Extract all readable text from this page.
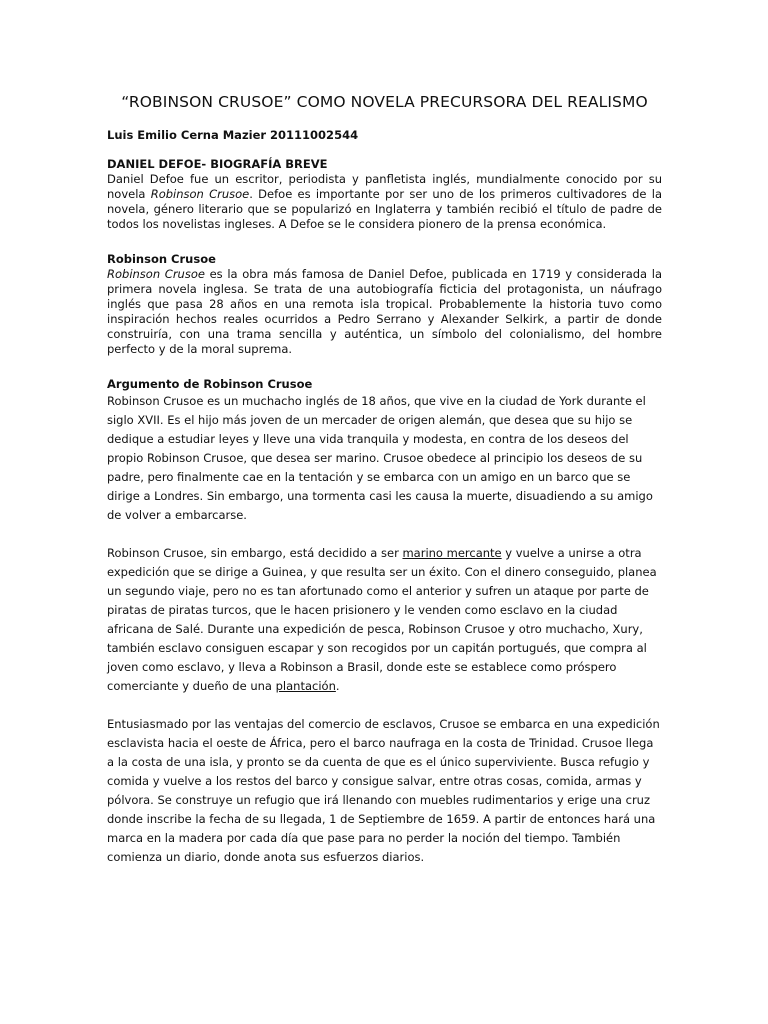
“ROBINSON CRUSOE” COMO NOVELA PRECURSORA DEL REALISMO

Luis Emilio Cerna Mazier 20111002544

DANIEL DEFOE- BIOGRAFÍA BREVE

Daniel Defoe fue un escritor, periodista y panfletista inglés, mundialmente conocido por su novela Robinson Crusoe. Defoe es importante por ser uno de los primeros cultivadores de la novela, género literario que se popularizó en Inglaterra y también recibió el título de padre de todos los novelistas ingleses. A Defoe se le considera pionero de la prensa económica.

Robinson Crusoe

Robinson Crusoe es la obra más famosa de Daniel Defoe, publicada en 1719 y considerada la primera novela inglesa. Se trata de una autobiografía ficticia del protagonista, un náufrago inglés que pasa 28 años en una remota isla tropical. Probablemente la historia tuvo como inspiración hechos reales ocurridos a Pedro Serrano y Alexander Selkirk, a partir de donde construiría, con una trama sencilla y auténtica, un símbolo del colonialismo, del hombre perfecto y de la moral suprema.

Argumento de Robinson Crusoe

Robinson Crusoe es un muchacho inglés de 18 años, que vive en la ciudad de York durante el siglo XVII. Es el hijo más joven de un mercader de origen alemán, que desea que su hijo se dedique a estudiar leyes y lleve una vida tranquila y modesta, en contra de los deseos del propio Robinson Crusoe, que desea ser marino. Crusoe obedece al principio los deseos de su padre, pero finalmente cae en la tentación y se embarca con un amigo en un barco que se dirige a Londres. Sin embargo, una tormenta casi les causa la muerte, disuadiendo a su amigo de volver a embarcarse.

Robinson Crusoe, sin embargo, está decidido a ser marino mercante y vuelve a unirse a otra expedición que se dirige a Guinea, y que resulta ser un éxito. Con el dinero conseguido, planea un segundo viaje, pero no es tan afortunado como el anterior y sufren un ataque por parte de piratas de piratas turcos, que le hacen prisionero y le venden como esclavo en la ciudad africana de Salé. Durante una expedición de pesca, Robinson Crusoe y otro muchacho, Xury, también esclavo consiguen escapar y son recogidos por un capitán portugués, que compra al joven como esclavo, y lleva a Robinson a Brasil, donde este se establece como próspero comerciante y dueño de una plantación.

Entusiasmado por las ventajas del comercio de esclavos, Crusoe se embarca en una expedición esclavista hacia el oeste de África, pero el barco naufraga en la costa de Trinidad. Crusoe llega a la costa de una isla, y pronto se da cuenta de que es el único superviviente. Busca refugio y comida y vuelve a los restos del barco y consigue salvar, entre otras cosas, comida, armas y pólvora. Se construye un refugio que irá llenando con muebles rudimentarios y erige una cruz donde inscribe la fecha de su llegada, 1 de Septiembre de 1659. A partir de entonces hará una marca en la madera por cada día que pase para no perder la noción del tiempo. También comienza un diario, donde anota sus esfuerzos diarios.
